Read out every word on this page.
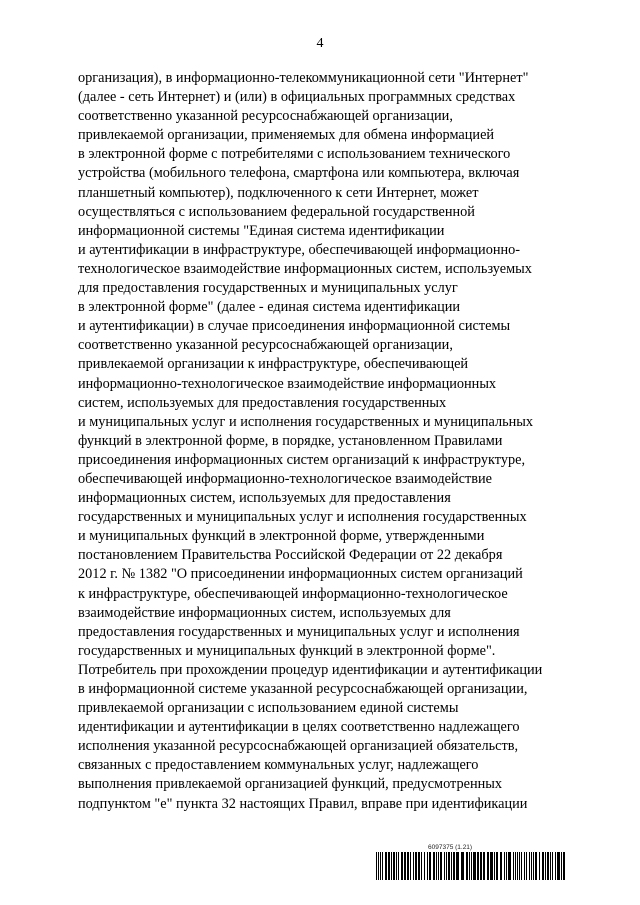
4
организация), в информационно-телекоммуникационной сети "Интернет"
(далее - сеть Интернет) и (или) в официальных программных средствах
соответственно указанной ресурсоснабжающей организации,
привлекаемой организации, применяемых для обмена информацией
в электронной форме с потребителями с использованием технического
устройства (мобильного телефона, смартфона или компьютера, включая
планшетный компьютер), подключенного к сети Интернет, может
осуществляться с использованием федеральной государственной
информационной системы "Единая система идентификации
и аутентификации в инфраструктуре, обеспечивающей информационно-
технологическое взаимодействие информационных систем, используемых
для предоставления государственных и муниципальных услуг
в электронной форме" (далее - единая система идентификации
и аутентификации) в случае присоединения информационной системы
соответственно указанной ресурсоснабжающей организации,
привлекаемой организации к инфраструктуре, обеспечивающей
информационно-технологическое взаимодействие информационных
систем, используемых для предоставления государственных
и муниципальных услуг и исполнения государственных и муниципальных
функций в электронной форме, в порядке, установленном Правилами
присоединения информационных систем организаций к инфраструктуре,
обеспечивающей информационно-технологическое взаимодействие
информационных систем, используемых для предоставления
государственных и муниципальных услуг и исполнения государственных
и муниципальных функций в электронной форме, утвержденными
постановлением Правительства Российской Федерации от 22 декабря
2012 г. № 1382 "О присоединении информационных систем организаций
к инфраструктуре, обеспечивающей информационно-технологическое
взаимодействие информационных систем, используемых для
предоставления государственных и муниципальных услуг и исполнения
государственных и муниципальных функций в электронной форме".
Потребитель при прохождении процедур идентификации и аутентификации
в информационной системе указанной ресурсоснабжающей организации,
привлекаемой организации с использованием единой системы
идентификации и аутентификации в целях соответственно надлежащего
исполнения указанной ресурсоснабжающей организацией обязательств,
связанных с предоставлением коммунальных услуг, надлежащего
выполнения привлекаемой организацией функций, предусмотренных
подпунктом "е" пункта 32 настоящих Правил, вправе при идентификации
6097375 (1.21)
